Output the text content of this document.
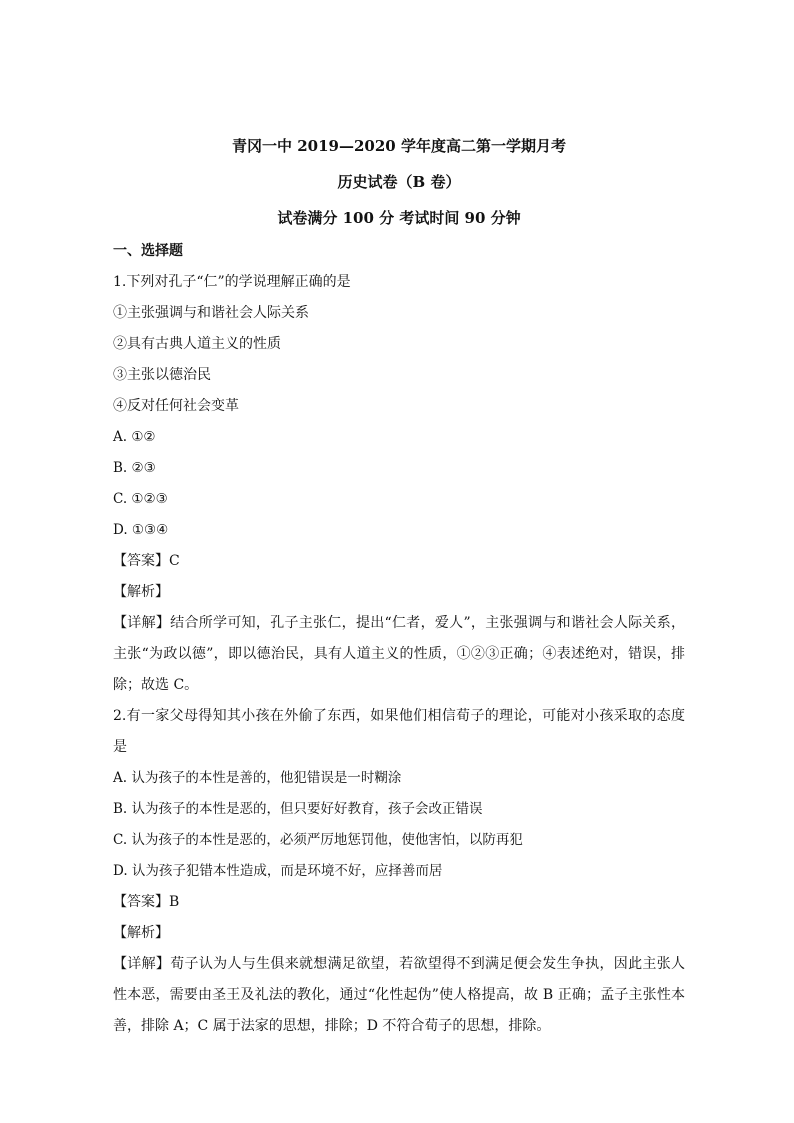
青冈一中 2019—2020 学年度高二第一学期月考
历史试卷（B 卷）
试卷满分 100 分 考试时间 90 分钟
一、选择题
1.下列对孔子“仁”的学说理解正确的是
①主张强调与和谐社会人际关系
②具有古典人道主义的性质
③主张以德治民
④反对任何社会变革
A. ①②
B. ②③
C. ①②③
D. ①③④
【答案】C
【解析】
【详解】结合所学可知，孔子主张仁，提出“仁者，爱人”，主张强调与和谐社会人际关系，主张“为政以德”，即以德治民，具有人道主义的性质，①②③正确；④表述绝对，错误，排除；故选 C。
2.有一家父母得知其小孩在外偷了东西，如果他们相信荀子的理论，可能对小孩采取的态度是
A. 认为孩子的本性是善的，他犯错误是一时糊涂
B. 认为孩子的本性是恶的，但只要好好教育，孩子会改正错误
C. 认为孩子的本性是恶的，必须严厉地惩罚他，使他害怕，以防再犯
D. 认为孩子犯错本性造成，而是环境不好，应择善而居
【答案】B
【解析】
【详解】荀子认为人与生俱来就想满足欲望，若欲望得不到满足便会发生争执，因此主张人性本恶，需要由圣王及礼法的教化，通过“化性起伪”使人格提高，故 B 正确；孟子主张性本善，排除 A；C 属于法家的思想，排除；D 不符合荀子的思想，排除。
